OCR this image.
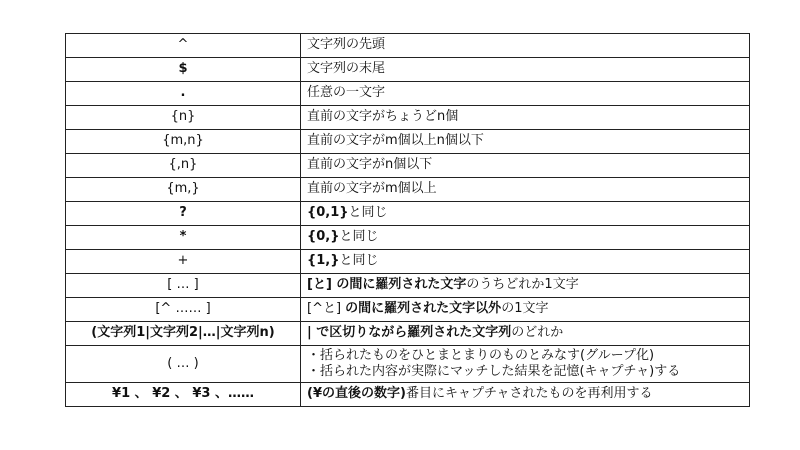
^	文字列の先頭
$	文字列の末尾
.	任意の一文字
{n}	直前の文字がちょうどn個
{m,n}	直前の文字がm個以上n個以下
{,n}	直前の文字がn個以下
{m,}	直前の文字がm個以上
?	{0,1}と同じ
*	{0,}と同じ
+	{1,}と同じ
[ … ]	[と] の間に羅列された文字のうちどれか1文字
[^ …… ]	[^と] の間に羅列された文字以外の1文字
(文字列1|文字列2|…|文字列n)	| で区切りながら羅列された文字列のどれか
( … )	・括られたものをひとまとまりのものとみなす(グループ化)
・括られた内容が実際にマッチした結果を記憶(キャプチャ)する

¥1 、 ¥2 、 ¥3 、……	(¥の直後の数字)番目にキャプチャされたものを再利用する
